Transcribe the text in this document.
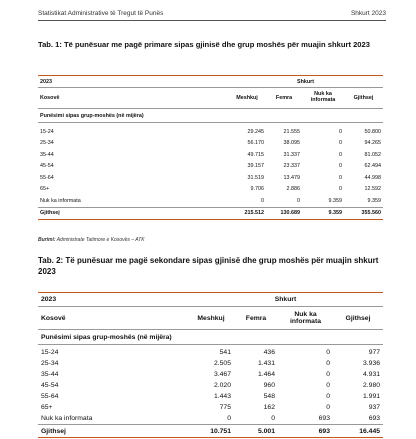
Statistikat Administrative të Tregut të Punës	Shkurt 2023
Tab. 1: Të punësuar me pagë primare sipas gjinisë dhe grup moshës për muajin shkurt 2023
2023	Shkurt			
Kosovë	Meshkuj	Femra	Nuk ka informata	Gjithsej
Punësimi sipas grup-moshës (në mijëra)				
15-24	29.245	21.555	0	50.800
25-34	56.170	38.095	0	94.265
35-44	49.715	31.337	0	81.052
45-54	39.157	23.337	0	62.494
55-64	31.519	13.479	0	44.998
65+	9.706	2.886	0	12.592
Nuk ka informata	0	0	9.359	9.359
Gjithsej	215.512	130.689	9.359	355.560
Burimi: Administrate Tatimore e Kosovës – ATK
Tab. 2: Të punësuar me pagë sekondare sipas gjinisë dhe grup moshës për muajin shkurt 2023
2023	Shkurt			
Kosovë	Meshkuj	Femra	Nuk ka informata	Gjithsej
Punësimi sipas grup-moshës (në mijëra)				
15-24	541	436	0	977
25-34	2.505	1.431	0	3.936
35-44	3.467	1.464	0	4.931
45-54	2.020	960	0	2.980
55-64	1.443	548	0	1.991
65+	775	162	0	937
Nuk ka informata	0	0	693	693
Gjithsej	10.751	5.001	693	16.445
